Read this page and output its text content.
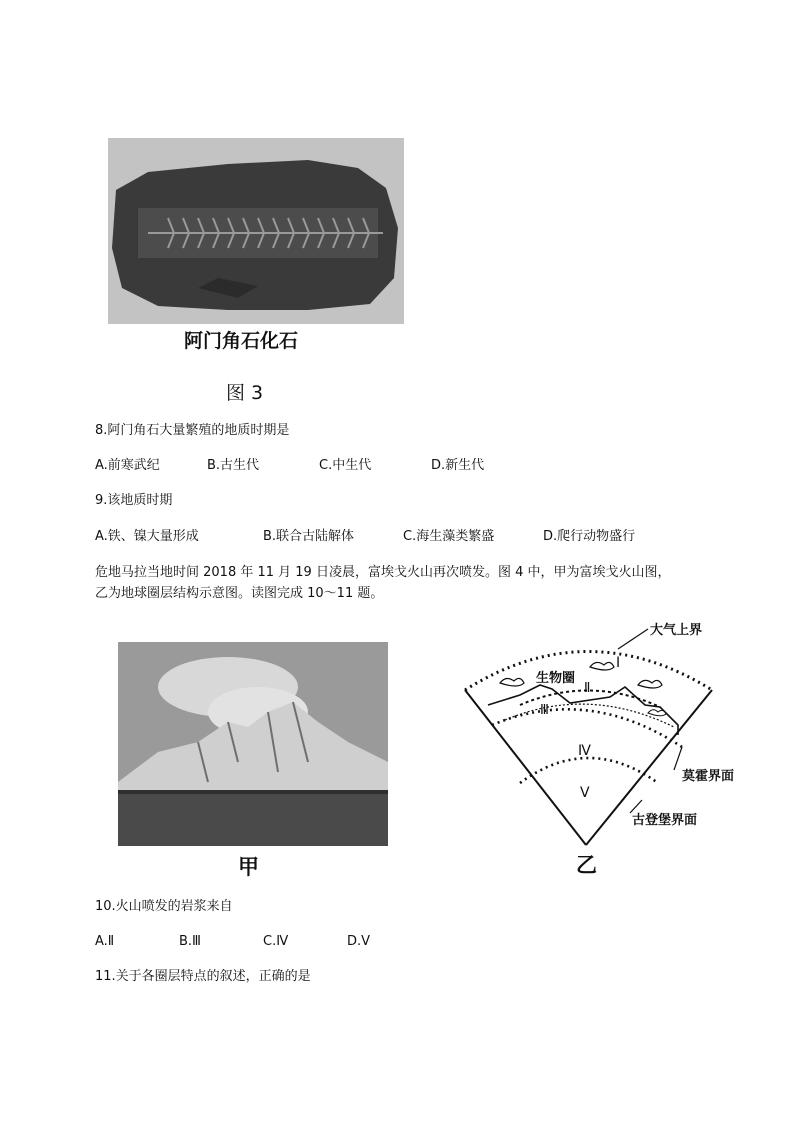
阿门角石化石
图 3
8.阿门角石大量繁殖的地质时期是
A.前寒武纪	B.古生代	C.中生代	D.新生代
9.该地质时期
A.铁、镍大量形成	B.联合古陆解体	C.海生藻类繁盛	D.爬行动物盛行
危地马拉当地时间 2018 年 11 月 19 日凌晨，富埃戈火山再次喷发。图 4 中，甲为富埃戈火山图，
乙为地球圈层结构示意图。读图完成 10～11 题。
甲
大气上界
生物圈
Ⅰ
Ⅱ
Ⅲ
Ⅳ
Ⅴ
莫霍界面
古登堡界面
乙
10.火山喷发的岩浆来自
A.Ⅱ	B.Ⅲ	C.Ⅳ	D.Ⅴ
11.关于各圈层特点的叙述，正确的是
